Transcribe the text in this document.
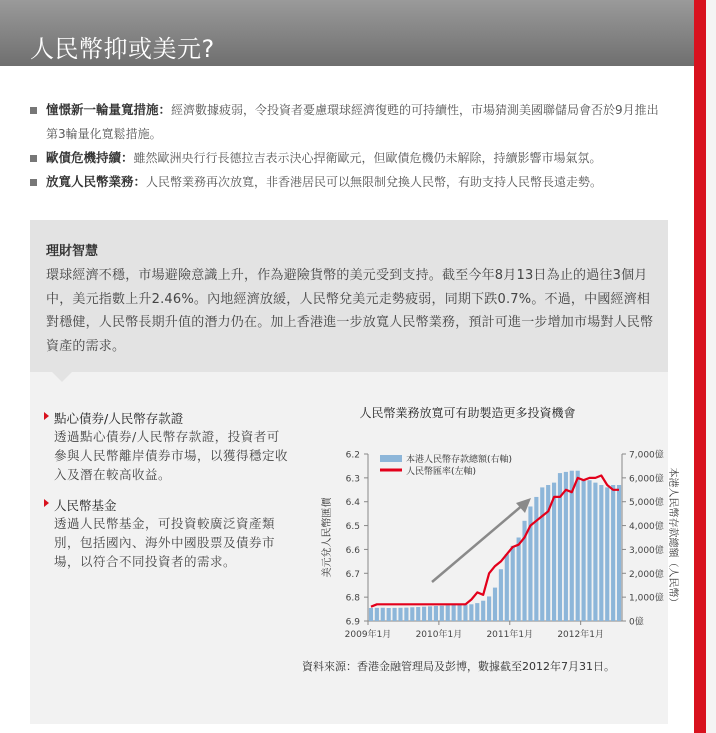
人民幣抑或美元?
憧憬新一輪量寬措施：經濟數據疲弱，令投資者憂慮環球經濟復甦的可持續性，市場猜測美國聯儲局會否於9月推出第3輪量化寬鬆措施。
歐債危機持續：雖然歐洲央行行長德拉吉表示決心捍衛歐元，但歐債危機仍未解除，持續影響市場氣氛。
放寬人民幣業務：人民幣業務再次放寬，非香港居民可以無限制兌換人民幣，有助支持人民幣長遠走勢。
理財智慧

環球經濟不穩，市場避險意識上升，作為避險貨幣的美元受到支持。截至今年8月13日為止的過往3個月中，美元指數上升2.46%。內地經濟放緩，人民幣兌美元走勢疲弱，同期下跌0.7%。不過，中國經濟相對穩健，人民幣長期升值的潛力仍在。加上香港進一步放寬人民幣業務，預計可進一步增加市場對人民幣資產的需求。

點心債券/人民幣存款證
透過點心債券/人民幣存款證，投資者可參與人民幣離岸債券市場，以獲得穩定收入及潛在較高收益。
人民幣基金
透過人民幣基金，可投資較廣泛資產類別，包括國內、海外中國股票及債券市場，以符合不同投資者的需求。
人民幣業務放寬可有助製造更多投資機會
6.2
6.3
6.4
6.5
6.6
6.7
6.8
6.9	0億
1,000億
2,000億
3,000億
4,000億
5,000億
6,000億
7,000億
2009年1月	2010年1月	2011年1月	2012年1月
美元兌人民幣匯價	本港人民幣存款總額（人民幣）
本港人民幣存款總額(右軸)
人民幣匯率(左軸)
資料來源：香港金融管理局及彭博，數據截至2012年7月31日。
